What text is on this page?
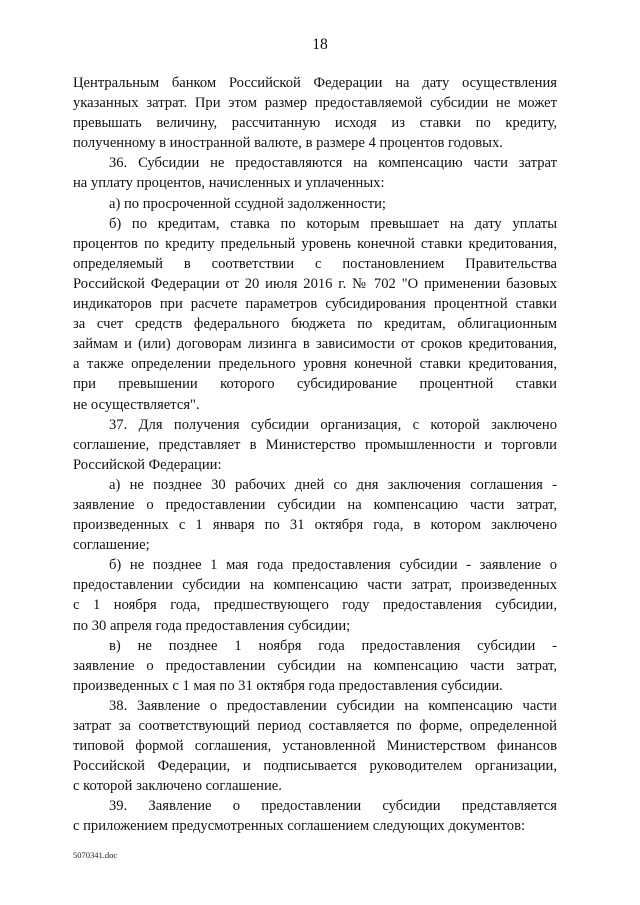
18

Центральным банком Российской Федерации на дату осуществления

указанных затрат. При этом размер предоставляемой субсидии не может

превышать величину, рассчитанную исходя из ставки по кредиту,

полученному в иностранной валюте, в размере 4 процентов годовых.

36. Субсидии не предоставляются на компенсацию части затрат

на уплату процентов, начисленных и уплаченных:

а) по просроченной ссудной задолженности;

б) по кредитам, ставка по которым превышает на дату уплаты

процентов по кредиту предельный уровень конечной ставки кредитования,

определяемый в соответствии с постановлением Правительства

Российской Федерации от 20 июля 2016 г. № 702 "О применении базовых

индикаторов при расчете параметров субсидирования процентной ставки

за счет средств федерального бюджета по кредитам, облигационным

займам и (или) договорам лизинга в зависимости от сроков кредитования,

а также определении предельного уровня конечной ставки кредитования,

при превышении которого субсидирование процентной ставки

не осуществляется".

37. Для получения субсидии организация, с которой заключено

соглашение, представляет в Министерство промышленности и торговли

Российской Федерации:

а) не позднее 30 рабочих дней со дня заключения соглашения -

заявление о предоставлении субсидии на компенсацию части затрат,

произведенных с 1 января по 31 октября года, в котором заключено

соглашение;

б) не позднее 1 мая года предоставления субсидии - заявление о

предоставлении субсидии на компенсацию части затрат, произведенных

с 1 ноября года, предшествующего году предоставления субсидии,

по 30 апреля года предоставления субсидии;

в) не позднее 1 ноября года предоставления субсидии -

заявление о предоставлении субсидии на компенсацию части затрат,

произведенных с 1 мая по 31 октября года предоставления субсидии.

38. Заявление о предоставлении субсидии на компенсацию части

затрат за соответствующий период составляется по форме, определенной

типовой формой соглашения, установленной Министерством финансов

Российской Федерации, и подписывается руководителем организации,

с которой заключено соглашение.

39. Заявление о предоставлении субсидии представляется

с приложением предусмотренных соглашением следующих документов:

5070341.doc
